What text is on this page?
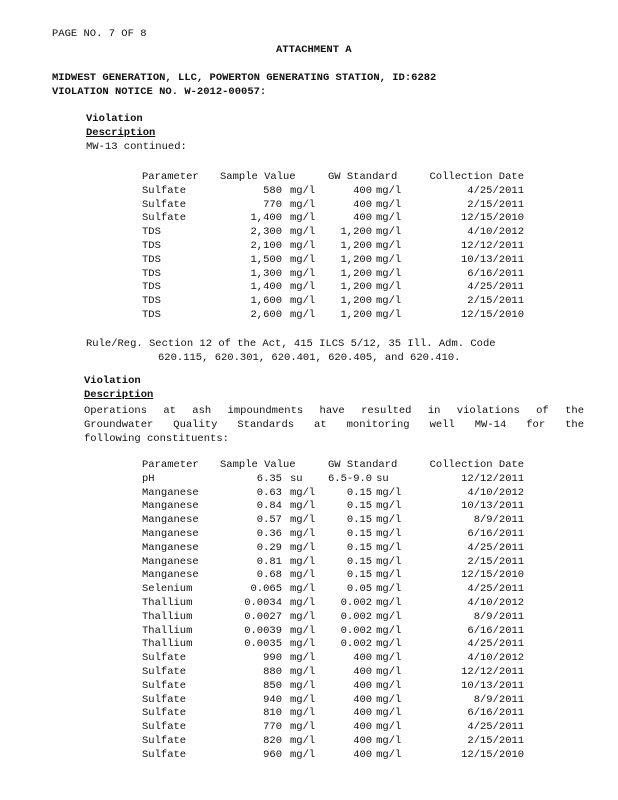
PAGE NO. 7 OF 8
ATTACHMENT A
MIDWEST GENERATION, LLC, POWERTON GENERATING STATION, ID:6282
VIOLATION NOTICE NO. W-2012-00057:
Violation
Description
MW-13 continued:
Parameter	Sample Value		GW Standard		Collection Date
Sulfate	580	mg/l	400	mg/l	4/25/2011
Sulfate	770	mg/l	400	mg/l	2/15/2011
Sulfate	1,400	mg/l	400	mg/l	12/15/2010
TDS	2,300	mg/l	1,200	mg/l	4/10/2012
TDS	2,100	mg/l	1,200	mg/l	12/12/2011
TDS	1,500	mg/l	1,200	mg/l	10/13/2011
TDS	1,300	mg/l	1,200	mg/l	6/16/2011
TDS	1,400	mg/l	1,200	mg/l	4/25/2011
TDS	1,600	mg/l	1,200	mg/l	2/15/2011
TDS	2,600	mg/l	1,200	mg/l	12/15/2010
Rule/Reg. Section 12 of the Act, 415 ILCS 5/12, 35 Ill. Adm. Code
620.115, 620.301, 620.401, 620.405, and 620.410.
Violation
Description
Operations at ash impoundments have resulted in violations of the
Groundwater Quality Standards at monitoring well MW-14 for the
following constituents:
Parameter	Sample Value		GW Standard		Collection Date
pH	6.35	su	6.5-9.0	su	12/12/2011
Manganese	0.63	mg/l	0.15	mg/l	4/10/2012
Manganese	0.84	mg/l	0.15	mg/l	10/13/2011
Manganese	0.57	mg/l	0.15	mg/l	8/9/2011
Manganese	0.36	mg/l	0.15	mg/l	6/16/2011
Manganese	0.29	mg/l	0.15	mg/l	4/25/2011
Manganese	0.81	mg/l	0.15	mg/l	2/15/2011
Manganese	0.68	mg/l	0.15	mg/l	12/15/2010
Selenium	0.065	mg/l	0.05	mg/l	4/25/2011
Thallium	0.0034	mg/l	0.002	mg/l	4/10/2012
Thallium	0.0027	mg/l	0.002	mg/l	8/9/2011
Thallium	0.0039	mg/l	0.002	mg/l	6/16/2011
Thallium	0.0035	mg/l	0.002	mg/l	4/25/2011
Sulfate	990	mg/l	400	mg/l	4/10/2012
Sulfate	880	mg/l	400	mg/l	12/12/2011
Sulfate	850	mg/l	400	mg/l	10/13/2011
Sulfate	940	mg/l	400	mg/l	8/9/2011
Sulfate	810	mg/l	400	mg/l	6/16/2011
Sulfate	770	mg/l	400	mg/l	4/25/2011
Sulfate	820	mg/l	400	mg/l	2/15/2011
Sulfate	960	mg/l	400	mg/l	12/15/2010
